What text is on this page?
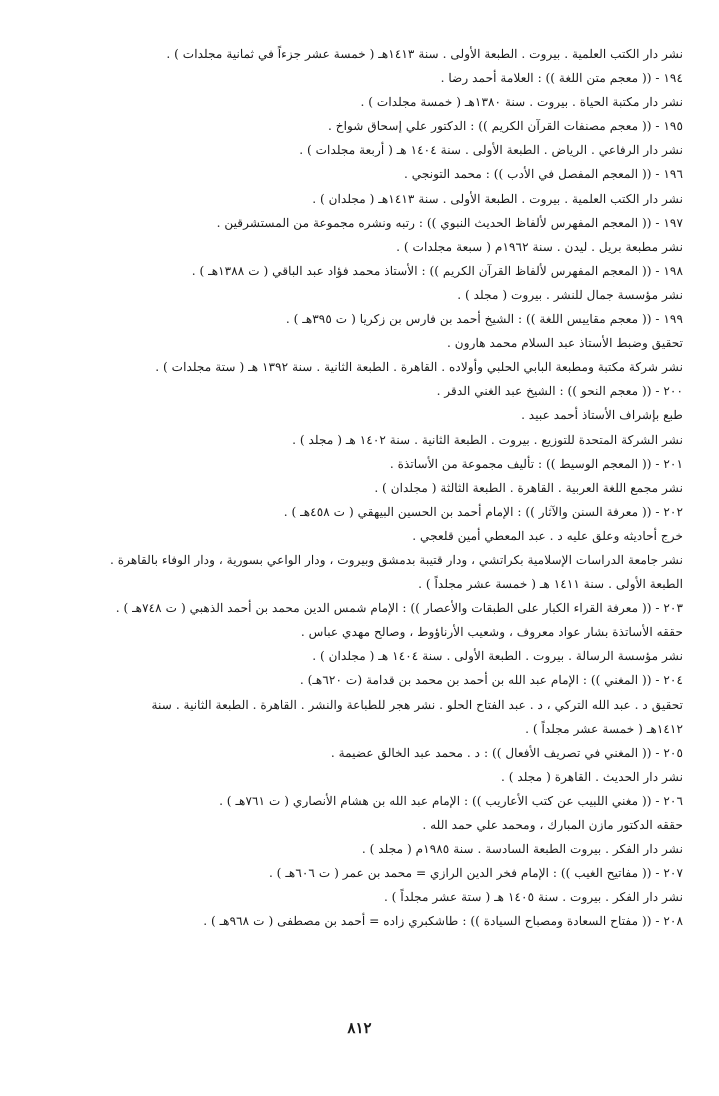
نشر دار الكتب العلمية . بيروت . الطبعة الأولى . سنة ١٤١٣هـ ( خمسة عشر جزءاً في ثمانية مجلدات ) .
١٩٤ - (( معجم متن اللغة )) : العلامة أحمد رضا .
نشر دار مكتبة الحياة . بيروت . سنة ١٣٨٠هـ ( خمسة مجلدات ) .
١٩٥ - (( معجم مصنفات القرآن الكريم )) : الدكتور علي إسحاق شواخ .
نشر دار الرفاعي . الرياض . الطبعة الأولى . سنة ١٤٠٤ هـ ( أربعة مجلدات ) .
١٩٦ - (( المعجم المفصل في الأدب )) : محمد التونجي .
نشر دار الكتب العلمية . بيروت . الطبعة الأولى . سنة ١٤١٣هـ ( مجلدان ) .
١٩٧ - (( المعجم المفهرس لألفاظ الحديث النبوي )) : رتبه ونشره مجموعة من المستشرقين .
نشر مطبعة بريل . ليدن . سنة ١٩٦٢م ( سبعة مجلدات ) .
١٩٨ - (( المعجم المفهرس لألفاظ القرآن الكريم )) : الأستاذ محمد فؤاد عبد الباقي ( ت ١٣٨٨هـ ) .
نشر مؤسسة جمال للنشر . بيروت ( مجلد ) .
١٩٩ - (( معجم مقاييس اللغة )) : الشيخ أحمد بن فارس بن زكريا ( ت ٣٩٥هـ ) .
تحقيق وضبط الأستاذ عبد السلام محمد هارون .
نشر شركة مكتبة ومطبعة البابي الحلبي وأولاده . القاهرة . الطبعة الثانية . سنة ١٣٩٢ هـ ( ستة مجلدات ) .
٢٠٠ - (( معجم النحو )) : الشيخ عبد الغني الدقر .
طبع بإشراف الأستاذ أحمد عبيد .
نشر الشركة المتحدة للتوزيع . بيروت . الطبعة الثانية . سنة ١٤٠٢ هـ ( مجلد ) .
٢٠١ - (( المعجم الوسيط )) : تأليف مجموعة من الأساتذة .
نشر مجمع اللغة العربية . القاهرة . الطبعة الثالثة ( مجلدان ) .
٢٠٢ - (( معرفة السنن والآثار )) : الإمام أحمد بن الحسين البيهقي ( ت ٤٥٨هـ ) .
خرج أحاديثه وعلق عليه د . عبد المعطي أمين قلعجي .
نشر جامعة الدراسات الإسلامية بكراتشي ، ودار قتيبة بدمشق وبيروت ، ودار الواعي بسورية ، ودار الوفاء بالقاهرة .
الطبعة الأولى . سنة ١٤١١ هـ ( خمسة عشر مجلداً ) .
٢٠٣ - (( معرفة القراء الكبار على الطبقات والأعصار )) : الإمام شمس الدين محمد بن أحمد الذهبي ( ت ٧٤٨هـ ) .
حققه الأساتذة بشار عواد معروف ، وشعيب الأرناؤوط ، وصالح مهدي عباس .
نشر مؤسسة الرسالة . بيروت . الطبعة الأولى . سنة ١٤٠٤ هـ ( مجلدان ) .
٢٠٤ - (( المغني )) : الإمام عبد الله بن أحمد بن محمد بن قدامة (ت ٦٢٠هـ) .
تحقيق د . عبد الله التركي ، د . عبد الفتاح الحلو . نشر هجر للطباعة والنشر . القاهرة . الطبعة الثانية . سنة
١٤١٢هـ ( خمسة عشر مجلداً ) .
٢٠٥ - (( المغني في تصريف الأفعال )) : د . محمد عبد الخالق عضيمة .
نشر دار الحديث . القاهرة ( مجلد ) .
٢٠٦ - (( مغني اللبيب عن كتب الأعاريب )) : الإمام عبد الله بن هشام الأنصاري ( ت ٧٦١هـ ) .
حققه الدكتور مازن المبارك ، ومحمد علي حمد الله .
نشر دار الفكر . بيروت الطبعة السادسة . سنة ١٩٨٥م ( مجلد ) .
٢٠٧ - (( مفاتيح الغيب )) : الإمام فخر الدين الرازي = محمد بن عمر ( ت ٦٠٦هـ ) .
نشر دار الفكر . بيروت . سنة ١٤٠٥ هـ ( ستة عشر مجلداً ) .
٢٠٨ - (( مفتاح السعادة ومصباح السيادة )) : طاشكبري زاده = أحمد بن مصطفى ( ت ٩٦٨هـ ) .
٨١٢
